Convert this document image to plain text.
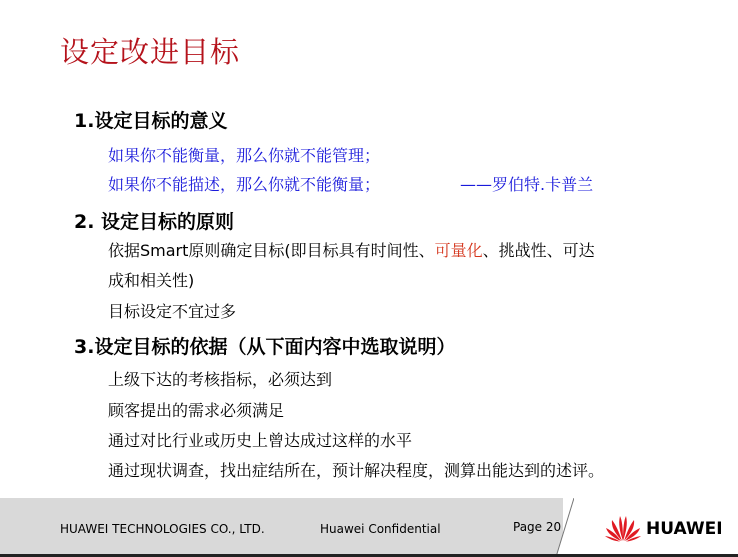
设定改进目标
1.设定目标的意义
如果你不能衡量，那么你就不能管理；
如果你不能描述，那么你就不能衡量；	——罗伯特.卡普兰
2. 设定目标的原则
依据Smart原则确定目标(即目标具有时间性、可量化、挑战性、可达
成和相关性)
目标设定不宜过多
3.设定目标的依据（从下面内容中选取说明）
上级下达的考核指标，必须达到
顾客提出的需求必须满足
通过对比行业或历史上曾达成过这样的水平
通过现状调查，找出症结所在，预计解决程度，测算出能达到的述评。
HUAWEI TECHNOLOGIES CO., LTD.	Huawei Confidential	Page 20	HUAWEI
